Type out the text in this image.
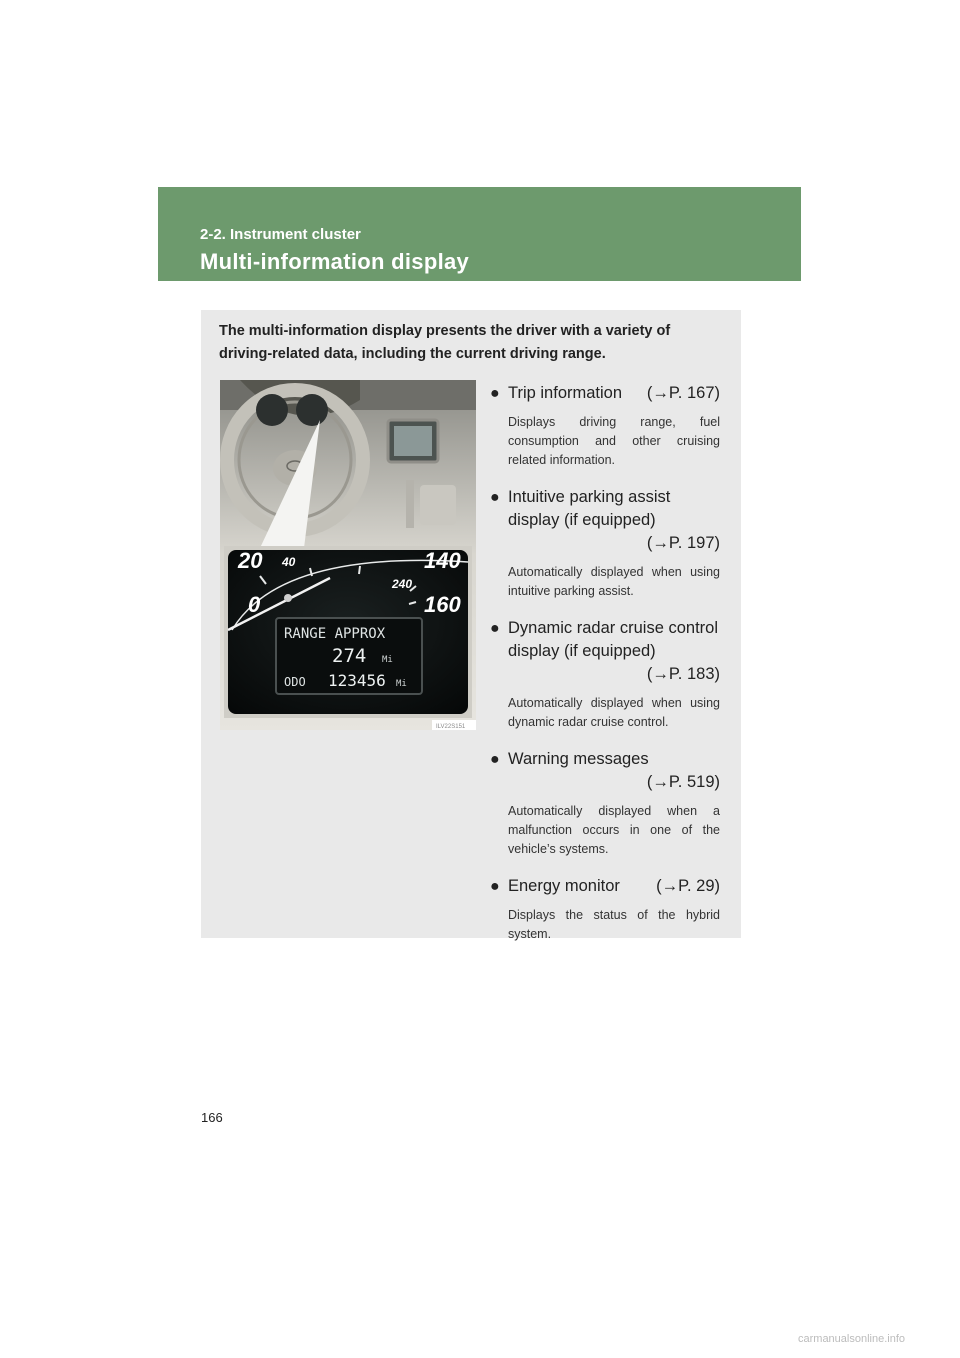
2-2. Instrument cluster
Multi-information display
The multi-information display presents the driver with a variety of driving-related data, including the current driving range.
20 40
0
140
240
160
RANGE APPROX
274 Mi
ODO 123456 Mi
ILV22S151
● Trip information (→P. 167)
Displays driving range, fuel consumption and other cruising related information.
● Intuitive parking assist display (if equipped)
(→P. 197)
Automatically displayed when using intuitive parking assist.
● Dynamic radar cruise control display (if equipped)
(→P. 183)
Automatically displayed when using dynamic radar cruise control.
● Warning messages
(→P. 519)
Automatically displayed when a malfunction occurs in one of the vehicle’s systems.
● Energy monitor (→P. 29)
Displays the status of the hybrid system.
166
carmanualsonline.info
